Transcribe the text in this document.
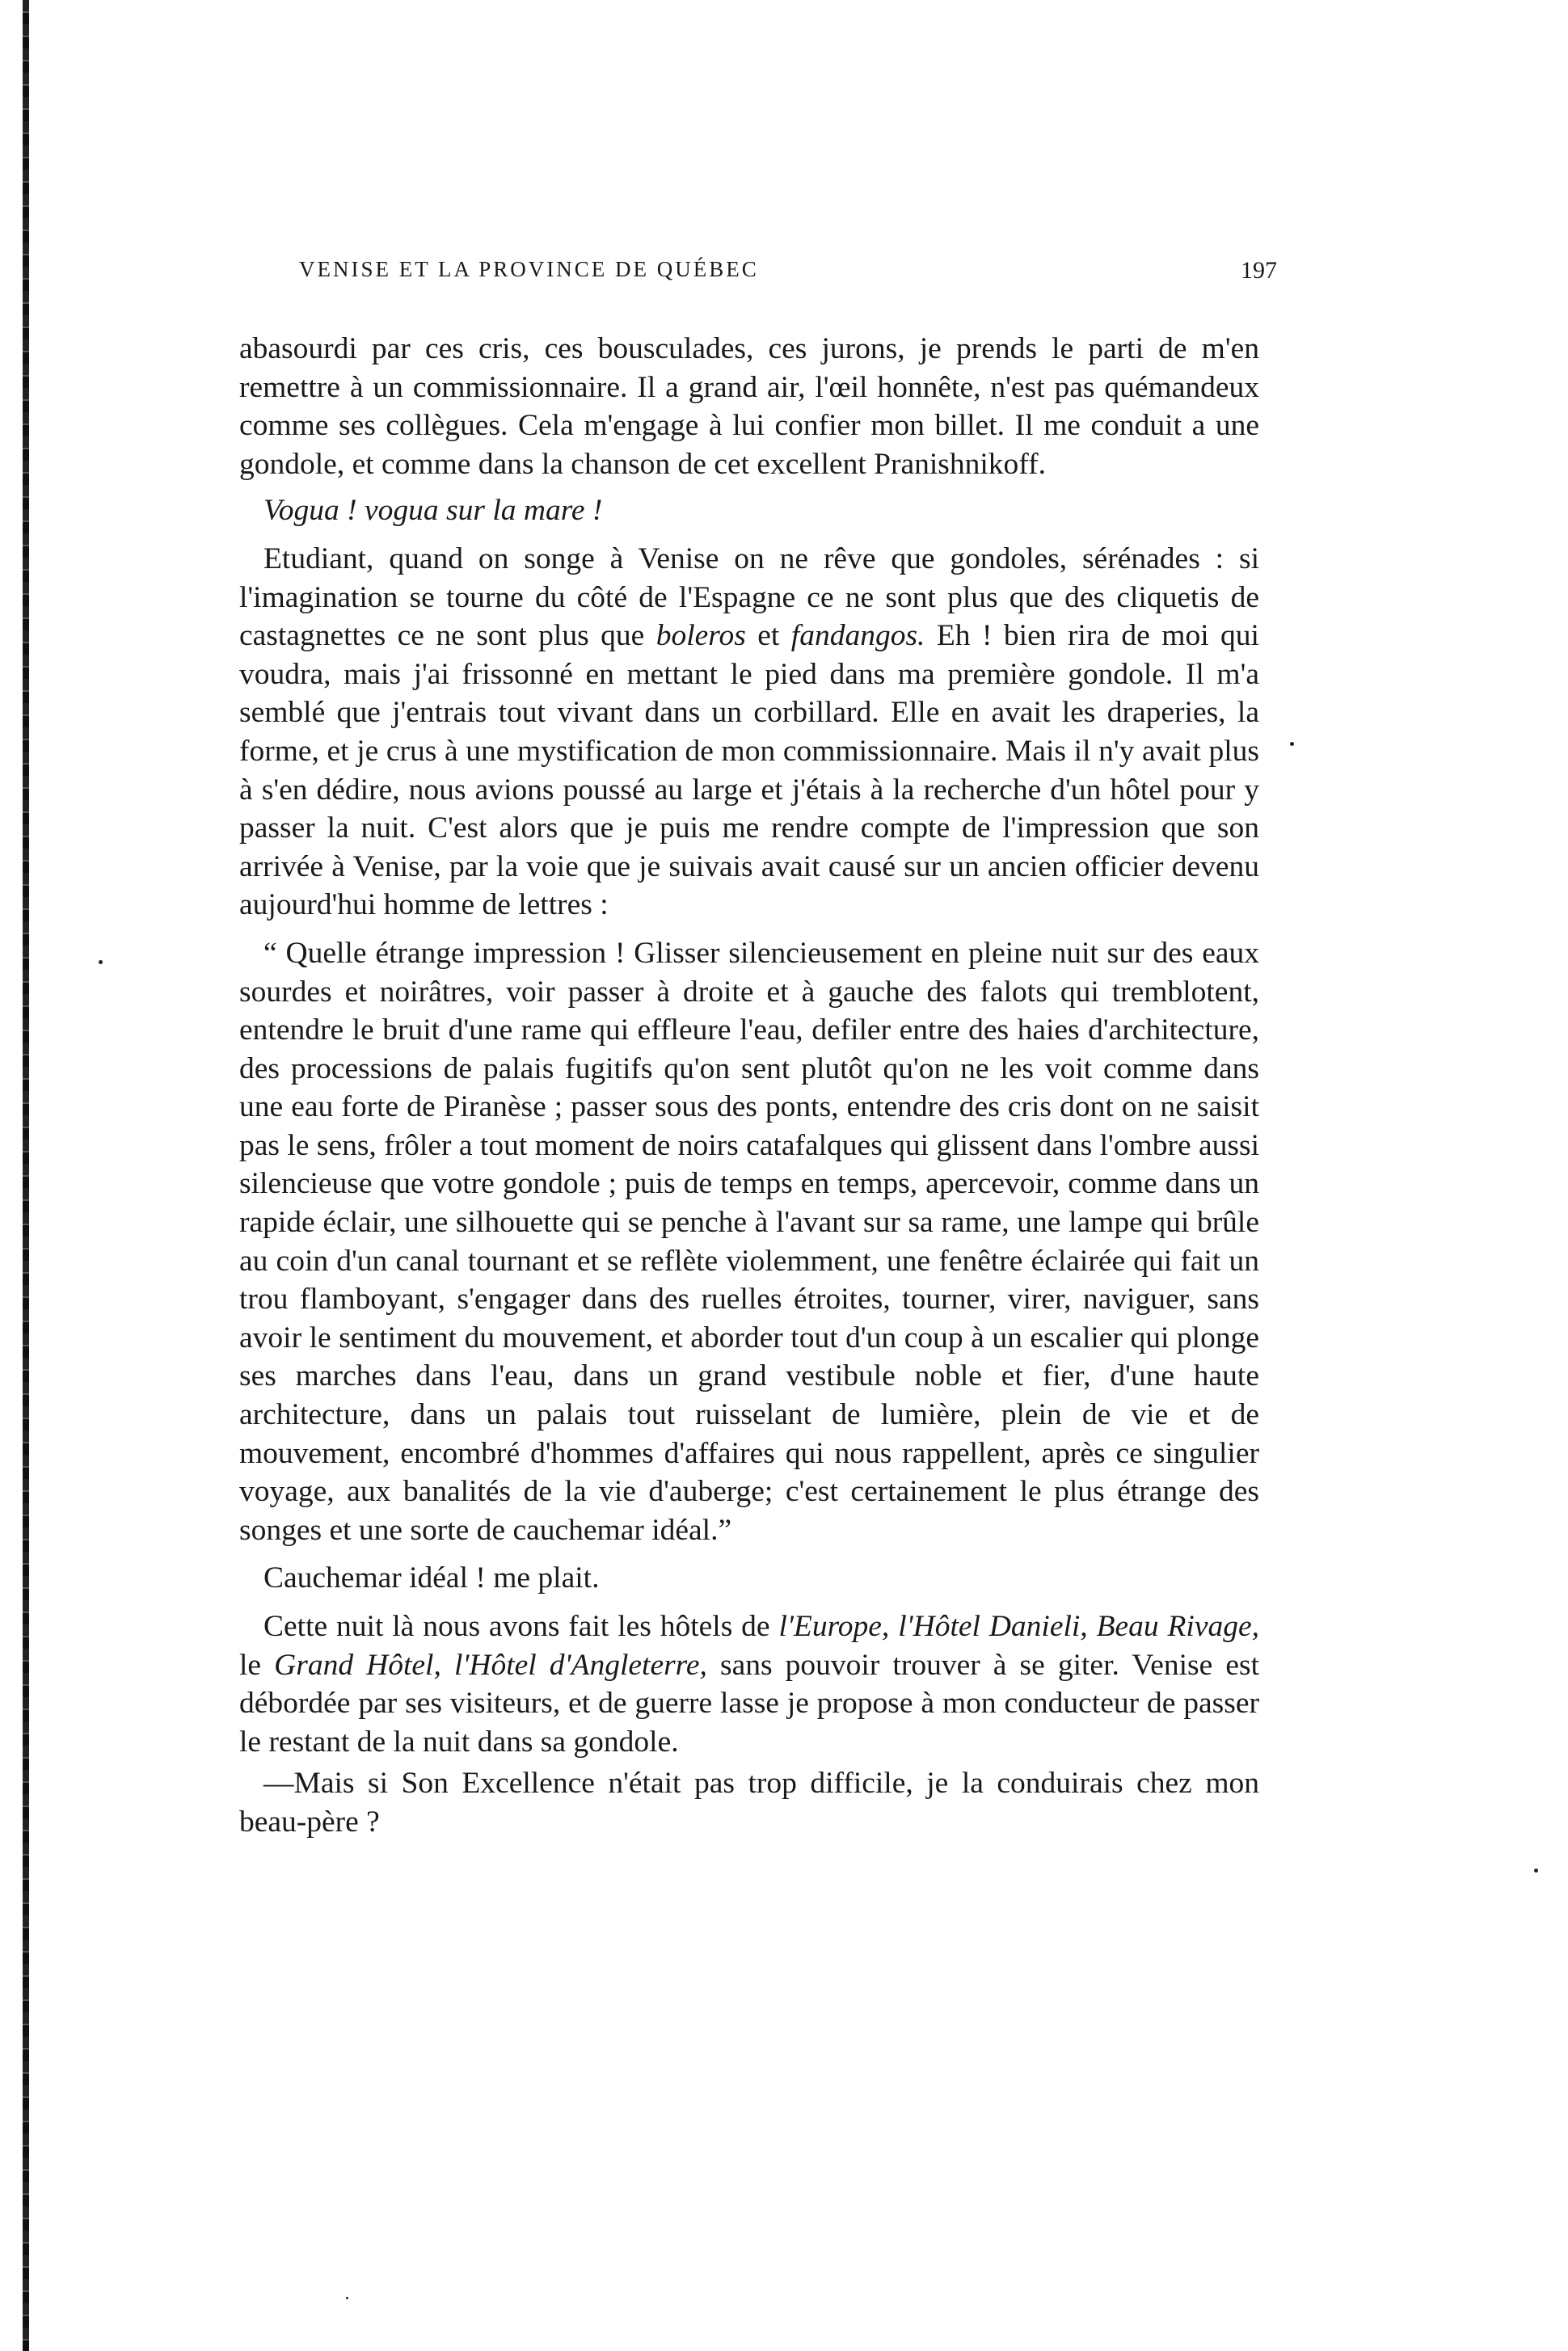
VENISE ET LA PROVINCE DE QUÉBEC	197

abasourdi par ces cris, ces bousculades, ces jurons, je prends le parti de m'en remettre à un commissionnaire. Il a grand air, l'œil honnête, n'est pas quémandeux comme ses collègues. Cela m'engage à lui confier mon billet. Il me conduit a une gondole, et comme dans la chanson de cet excellent Pranishnikoff.

Vogua ! vogua sur la mare !

Etudiant, quand on songe à Venise on ne rêve que gondoles, sérénades : si l'imagination se tourne du côté de l'Espagne ce ne sont plus que des cliquetis de castagnettes ce ne sont plus que boleros et fandangos. Eh ! bien rira de moi qui voudra, mais j'ai frissonné en mettant le pied dans ma première gondole. Il m'a semblé que j'entrais tout vivant dans un corbillard. Elle en avait les draperies, la forme, et je crus à une mystification de mon commissionnaire. Mais il n'y avait plus à s'en dédire, nous avions poussé au large et j'étais à la recherche d'un hôtel pour y passer la nuit. C'est alors que je puis me rendre compte de l'impression que son arrivée à Venise, par la voie que je suivais avait causé sur un ancien officier devenu aujourd'hui homme de lettres :

“ Quelle étrange impression ! Glisser silencieusement en pleine nuit sur des eaux sourdes et noirâtres, voir passer à droite et à gauche des falots qui tremblotent, entendre le bruit d'une rame qui effleure l'eau, defiler entre des haies d'architecture, des processions de palais fugitifs qu'on sent plutôt qu'on ne les voit comme dans une eau forte de Piranèse ; passer sous des ponts, entendre des cris dont on ne saisit pas le sens, frôler a tout moment de noirs catafalques qui glissent dans l'ombre aussi silencieuse que votre gondole ; puis de temps en temps, apercevoir, comme dans un rapide éclair, une silhouette qui se penche à l'avant sur sa rame, une lampe qui brûle au coin d'un canal tournant et se reflète violemment, une fenêtre éclairée qui fait un trou flamboyant, s'engager dans des ruelles étroites, tourner, virer, naviguer, sans avoir le sentiment du mouvement, et aborder tout d'un coup à un escalier qui plonge ses marches dans l'eau, dans un grand vestibule noble et fier, d'une haute architecture, dans un palais tout ruisselant de lumière, plein de vie et de mouvement, encombré d'hommes d'affaires qui nous rappellent, après ce singulier voyage, aux banalités de la vie d'auberge; c'est certainement le plus étrange des songes et une sorte de cauchemar idéal.”

Cauchemar idéal ! me plait.

Cette nuit là nous avons fait les hôtels de l'Europe, l'Hôtel Danieli, Beau Rivage, le Grand Hôtel, l'Hôtel d'Angleterre, sans pouvoir trouver à se giter. Venise est débordée par ses visiteurs, et de guerre lasse je propose à mon conducteur de passer le restant de la nuit dans sa gondole.

—Mais si Son Excellence n'était pas trop difficile, je la conduirais chez mon beau-père ?
